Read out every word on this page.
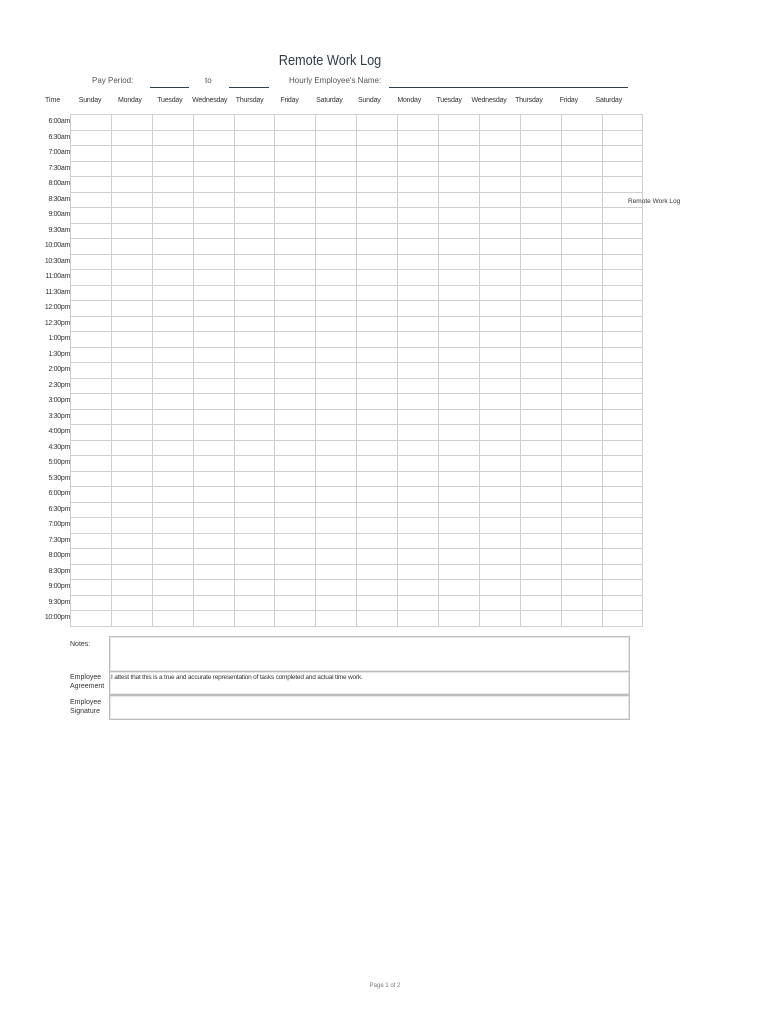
Remote Work Log
Pay Period:	to	Hourly Employee's Name:
Time	Sunday	Monday	Tuesday	Wednesday	Thursday	Friday	Saturday	Sunday	Monday	Tuesday	Wednesday	Thursday	Friday	Saturday
6:00am
6:30am
7:00am
7:30am
8:00am
8:30am
9:00am
9:30am
10:00am
10:30am
11:00am
11:30am
12:00pm
12:30pm
1:00pm
1:30pm
2:00pm
2:30pm
3:00pm
3:30pm
4:00pm
4:30pm
5:00pm
5:30pm
6:00pm
6:30pm
7:00pm
7:30pm
8:00pm
8:30pm
9:00pm
9:30pm
10:00pm

Remote Work Log
Notes:
Employee Agreement
I attest that this is a true and accurate representation of tasks completed and actual time work.
Employee Signature
Page 1 of 2
